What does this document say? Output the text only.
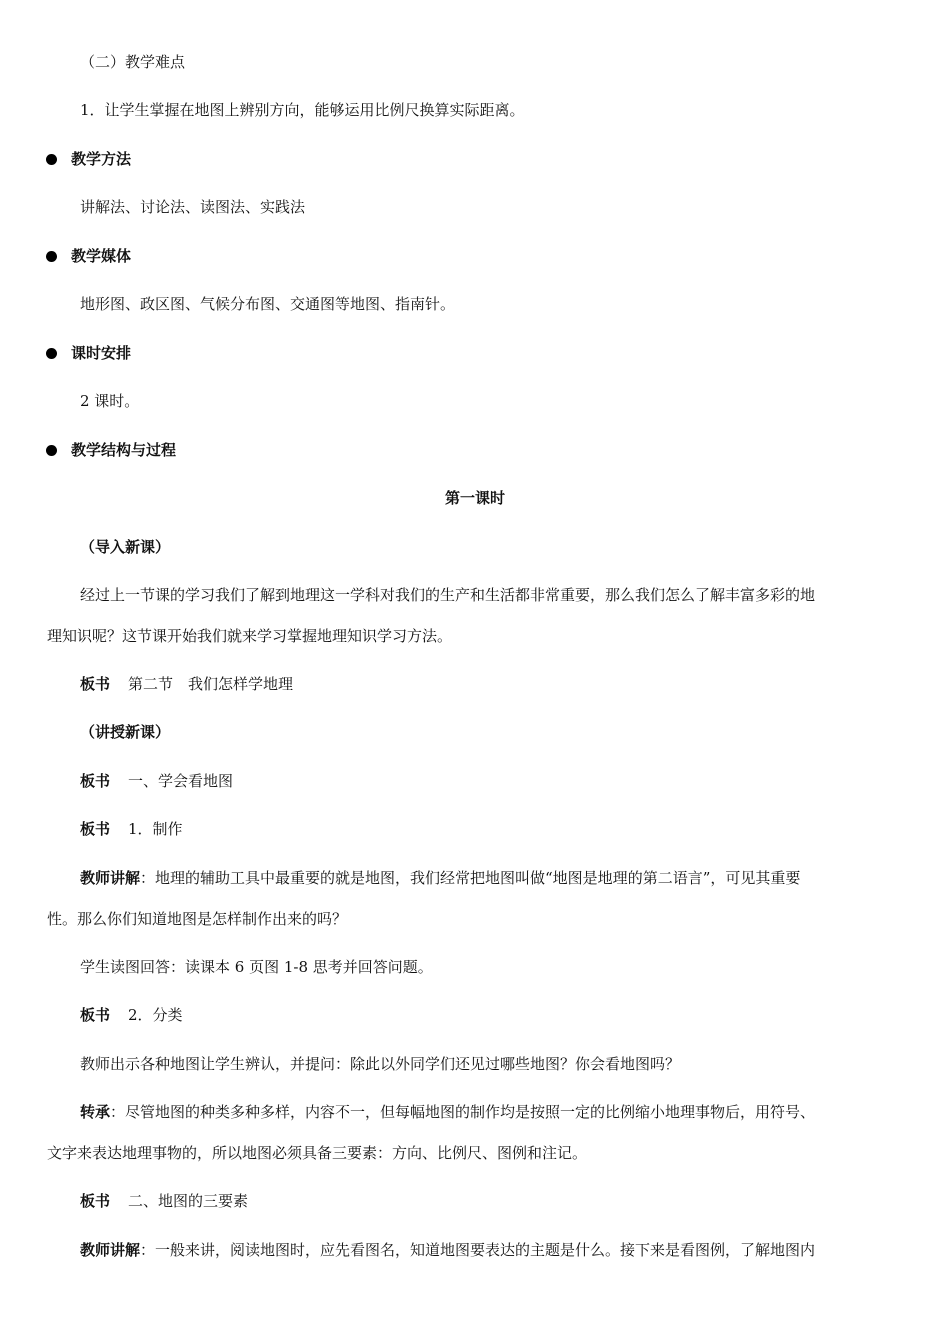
（二）教学难点
1．让学生掌握在地图上辨别方向，能够运用比例尺换算实际距离。
教学方法
讲解法、讨论法、读图法、实践法
教学媒体
地形图、政区图、气候分布图、交通图等地图、指南针。
课时安排
2 课时。
教学结构与过程
第一课时
（导入新课）
经过上一节课的学习我们了解到地理这一学科对我们的生产和生活都非常重要，那么我们怎么了解丰富多彩的地
理知识呢？这节课开始我们就来学习掌握地理知识学习方法。
板书 第二节　我们怎样学地理
（讲授新课）
板书 一、学会看地图
板书 1．制作
教师讲解：地理的辅助工具中最重要的就是地图，我们经常把地图叫做“地图是地理的第二语言”，可见其重要
性。那么你们知道地图是怎样制作出来的吗？
学生读图回答：读课本 6 页图 1-8 思考并回答问题。
板书 2．分类
教师出示各种地图让学生辨认，并提问：除此以外同学们还见过哪些地图？你会看地图吗？
转承：尽管地图的种类多种多样，内容不一，但每幅地图的制作均是按照一定的比例缩小地理事物后，用符号、
文字来表达地理事物的，所以地图必须具备三要素：方向、比例尺、图例和注记。
板书 二、地图的三要素
教师讲解：一般来讲，阅读地图时，应先看图名，知道地图要表达的主题是什么。接下来是看图例，了解地图内
